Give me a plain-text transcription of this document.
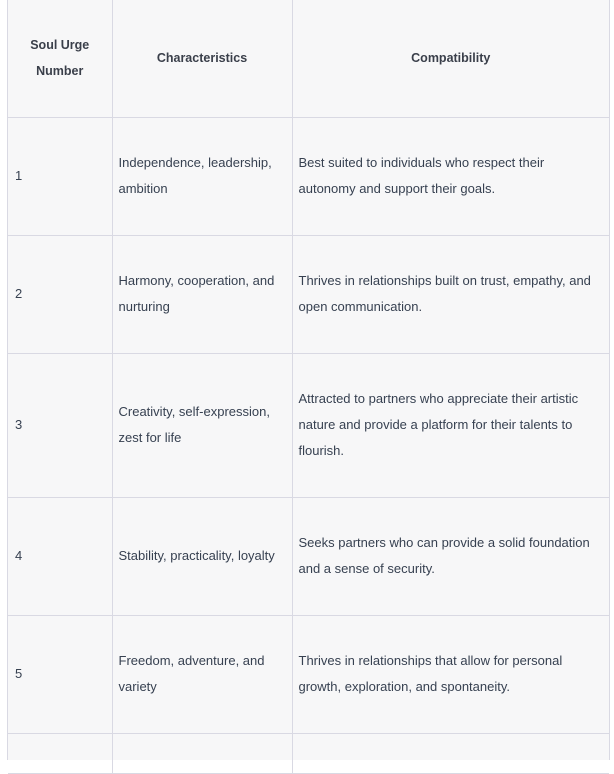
Soul Urge Number	Characteristics	Compatibility
1	Independence, leadership, ambition	Best suited to individuals who respect their autonomy and support their goals.
2	Harmony, cooperation, and nurturing	Thrives in relationships built on trust, empathy, and open communication.
3	Creativity, self-expression, zest for life	Attracted to partners who appreciate their artistic nature and provide a platform for their talents to flourish.
4	Stability, practicality, loyalty	Seeks partners who can provide a solid foundation and a sense of security.
5	Freedom, adventure, and variety	Thrives in relationships that allow for personal growth, exploration, and spontaneity.
